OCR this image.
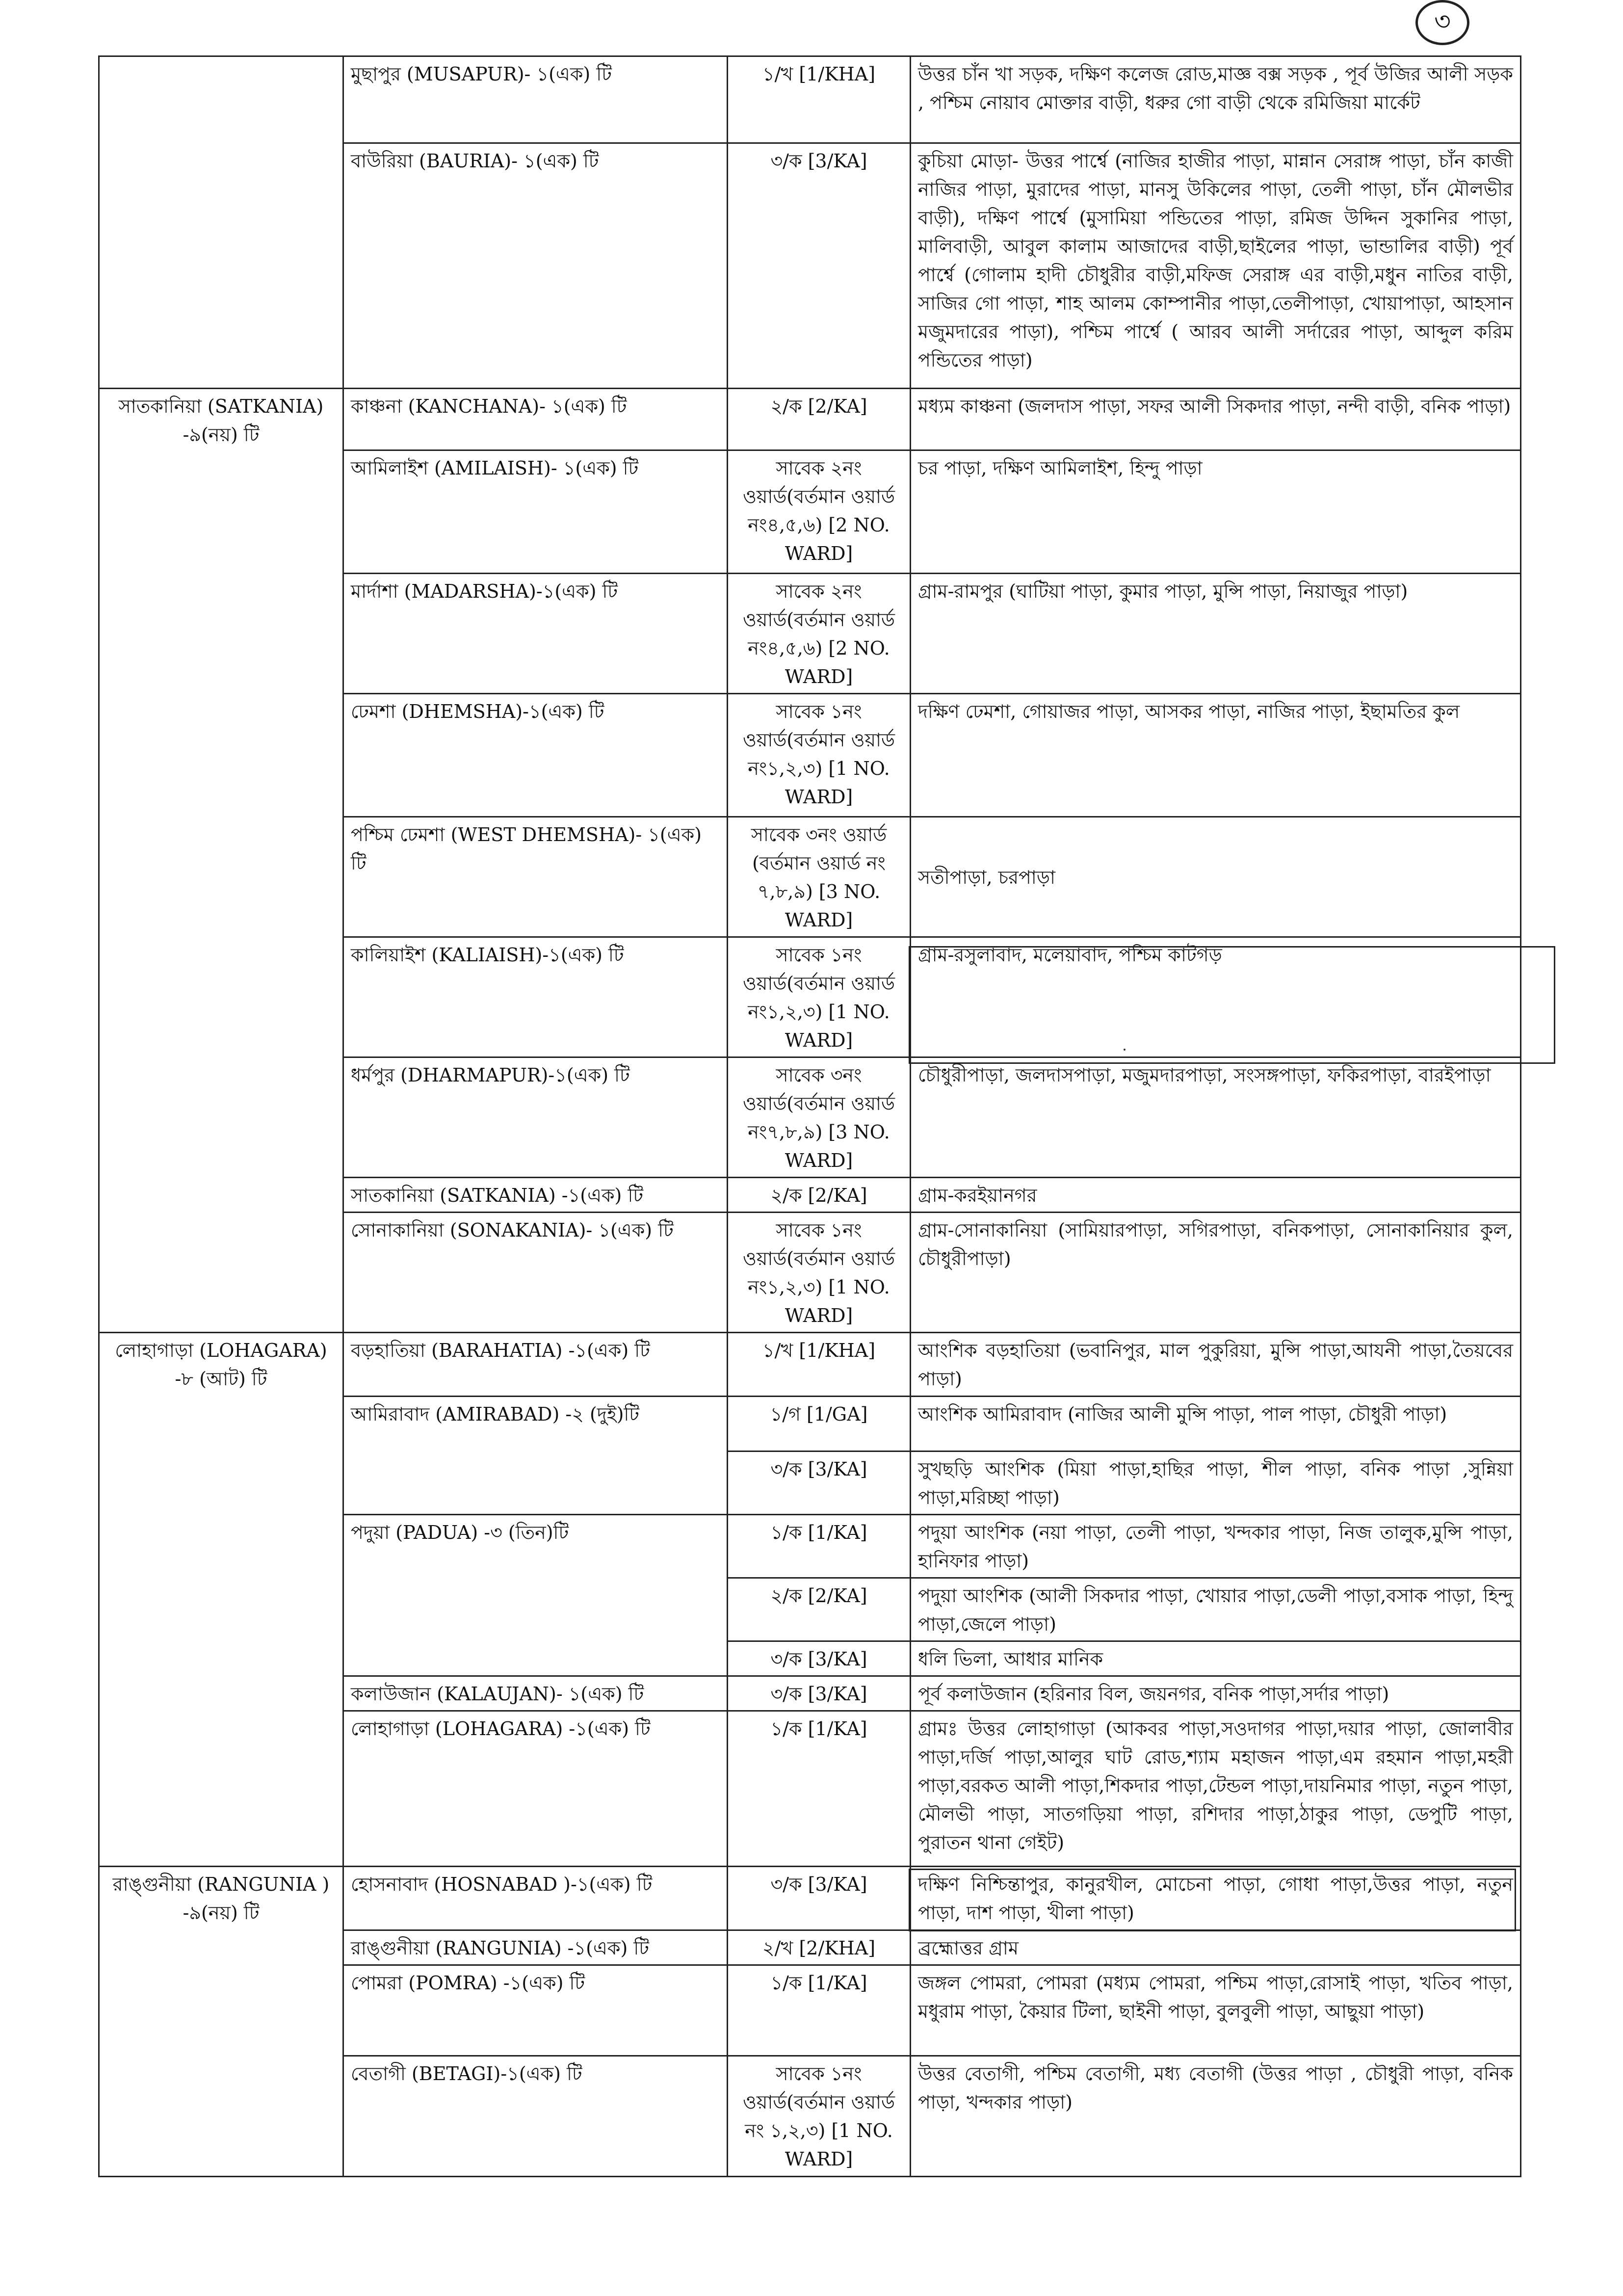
৩
	মুছাপুর (MUSAPUR)- ১(এক) টি	১/খ [1/KHA]	উত্তর চাঁন খা সড়ক, দক্ষিণ কলেজ রোড,মাজ্ঞ বক্স সড়ক , পূর্ব উজির আলী সড়ক , পশ্চিম নোয়াব মোক্তার বাড়ী, ধরুর গো বাড়ী থেকে রমিজিয়া মার্কেট
	বাউরিয়া (BAURIA)- ১(এক) টি	৩/ক [3/KA]	কুচিয়া মোড়া- উত্তর পার্শ্বে (নাজির হাজীর পাড়া, মান্নান সেরাঙ্গ পাড়া, চাঁন কাজী নাজির পাড়া, মুরাদের পাড়া, মানসু উকিলের পাড়া, তেলী পাড়া, চাঁন মৌলভীর বাড়ী), দক্ষিণ পার্শ্বে (মুসামিয়া পন্ডিতের পাড়া, রমিজ উদ্দিন সুকানির পাড়া, মালিবাড়ী, আবুল কালাম আজাদের বাড়ী,ছাইলের পাড়া, ভান্ডালির বাড়ী) পূর্ব পার্শ্বে (গোলাম হাদী চৌধুরীর বাড়ী,মফিজ সেরাঙ্গ এর বাড়ী,মধুন নাতির বাড়ী, সাজির গো পাড়া, শাহ আলম কোম্পানীর পাড়া,তেলীপাড়া, খোয়াপাড়া, আহসান মজুমদারের পাড়া), পশ্চিম পার্শ্বে ( আরব আলী সর্দারের পাড়া, আব্দুল করিম পন্ডিতের পাড়া)
সাতকানিয়া (SATKANIA) -৯(নয়) টি	কাঞ্চনা (KANCHANA)- ১(এক) টি	২/ক [2/KA]	মধ্যম কাঞ্চনা (জলদাস পাড়া, সফর আলী সিকদার পাড়া, নন্দী বাড়ী, বনিক পাড়া)
	আমিলাইশ (AMILAISH)- ১(এক) টি	সাবেক ২নং ওয়ার্ড(বর্তমান ওয়ার্ড নং৪,৫,৬) [2 NO. WARD]	চর পাড়া, দক্ষিণ আমিলাইশ, হিন্দু পাড়া
	মার্দাশা (MADARSHA)-১(এক) টি	সাবেক ২নং ওয়ার্ড(বর্তমান ওয়ার্ড নং৪,৫,৬) [2 NO. WARD]	গ্রাম-রামপুর (ঘাটিয়া পাড়া, কুমার পাড়া, মুন্সি পাড়া, নিয়াজুর পাড়া)
	ঢেমশা (DHEMSHA)-১(এক) টি	সাবেক ১নং ওয়ার্ড(বর্তমান ওয়ার্ড নং১,২,৩) [1 NO. WARD]	দক্ষিণ ঢেমশা, গোয়াজর পাড়া, আসকর পাড়া, নাজির পাড়া, ইছামতির কুল
	পশ্চিম ঢেমশা (WEST DHEMSHA)- ১(এক) টি	সাবেক ৩নং ওয়ার্ড (বর্তমান ওয়ার্ড নং ৭,৮,৯) [3 NO. WARD]	সতীপাড়া, চরপাড়া
	কালিয়াইশ (KALIAISH)-১(এক) টি	সাবেক ১নং ওয়ার্ড(বর্তমান ওয়ার্ড নং১,২,৩) [1 NO. WARD]	গ্রাম-রসুলাবাদ, মলেয়াবাদ, পশ্চিম কাটগড়
	ধর্মপুর (DHARMAPUR)-১(এক) টি	সাবেক ৩নং ওয়ার্ড(বর্তমান ওয়ার্ড নং৭,৮,৯) [3 NO. WARD]	চৌধুরীপাড়া, জলদাসপাড়া, মজুমদারপাড়া, সংসঙ্গপাড়া, ফকিরপাড়া, বারইপাড়া
	সাতকানিয়া (SATKANIA) -১(এক) টি	২/ক [2/KA]	গ্রাম-করইয়ানগর
	সোনাকানিয়া (SONAKANIA)- ১(এক) টি	সাবেক ১নং ওয়ার্ড(বর্তমান ওয়ার্ড নং১,২,৩) [1 NO. WARD]	গ্রাম-সোনাকানিয়া (সামিয়ারপাড়া, সগিরপাড়া, বনিকপাড়া, সোনাকানিয়ার কুল, চৌধুরীপাড়া)
লোহাগাড়া (LOHAGARA) -৮ (আট) টি	বড়হাতিয়া (BARAHATIA) -১(এক) টি	১/খ [1/KHA]	আংশিক বড়হাতিয়া (ভবানিপুর, মাল পুকুরিয়া, মুন্সি পাড়া,আযনী পাড়া,তৈয়বের পাড়া)
	আমিরাবাদ (AMIRABAD) -২ (দুই)টি	১/গ [1/GA]	আংশিক আমিরাবাদ (নাজির আলী মুন্সি পাড়া, পাল পাড়া, চৌধুরী পাড়া)
		৩/ক [3/KA]	সুখছড়ি আংশিক (মিয়া পাড়া,হাছির পাড়া, শীল পাড়া, বনিক পাড়া ,সুন্নিয়া পাড়া,মরিচ্ছা পাড়া)
	পদুয়া (PADUA) -৩ (তিন)টি	১/ক [1/KA]	পদুয়া আংশিক (নয়া পাড়া, তেলী পাড়া, খন্দকার পাড়া, নিজ তালুক,মুন্সি পাড়া, হানিফার পাড়া)
		২/ক [2/KA]	পদুয়া আংশিক (আলী সিকদার পাড়া, খোয়ার পাড়া,ডেলী পাড়া,বসাক পাড়া, হিন্দু পাড়া,জেলে পাড়া)
		৩/ক [3/KA]	ধলি ভিলা, আধার মানিক
	কলাউজান (KALAUJAN)- ১(এক) টি	৩/ক [3/KA]	পূর্ব কলাউজান (হরিনার বিল, জয়নগর, বনিক পাড়া,সর্দার পাড়া)
	লোহাগাড়া (LOHAGARA) -১(এক) টি	১/ক [1/KA]	গ্রামঃ উত্তর লোহাগাড়া (আকবর পাড়া,সওদাগর পাড়া,দয়ার পাড়া, জোলাবীর পাড়া,দর্জি পাড়া,আলুর ঘাট রোড,শ্যাম মহাজন পাড়া,এম রহমান পাড়া,মহরী পাড়া,বরকত আলী পাড়া,শিকদার পাড়া,টেন্ডল পাড়া,দায়নিমার পাড়া, নতুন পাড়া, মৌলভী পাড়া, সাতগড়িয়া পাড়া, রশিদার পাড়া,ঠাকুর পাড়া, ডেপুটি পাড়া, পুরাতন থানা গেইট)
রাঙ্গুনীয়া (RANGUNIA ) -৯(নয়) টি	হোসনাবাদ (HOSNABAD )-১(এক) টি	৩/ক [3/KA]	দক্ষিণ নিশ্চিন্তাপুর, কানুরখীল, মোচেনা পাড়া, গোধা পাড়া,উত্তর পাড়া, নতুন পাড়া, দাশ পাড়া, খীলা পাড়া)
	রাঙ্গুনীয়া (RANGUNIA) -১(এক) টি	২/খ [2/KHA]	ব্রহ্মোত্তর গ্রাম
	পোমরা (POMRA) -১(এক) টি	১/ক [1/KA]	জঙ্গল পোমরা, পোমরা (মধ্যম পোমরা, পশ্চিম পাড়া,রোসাই পাড়া, খতিব পাড়া, মধুরাম পাড়া, কৈয়ার টিলা, ছাইনী পাড়া, বুলবুলী পাড়া, আছুয়া পাড়া)
	বেতাগী (BETAGI)-১(এক) টি	সাবেক ১নং ওয়ার্ড(বর্তমান ওয়ার্ড নং ১,২,৩) [1 NO. WARD]	উত্তর বেতাগী, পশ্চিম বেতাগী, মধ্য বেতাগী (উত্তর পাড়া , চৌধুরী পাড়া, বনিক পাড়া, খন্দকার পাড়া)
